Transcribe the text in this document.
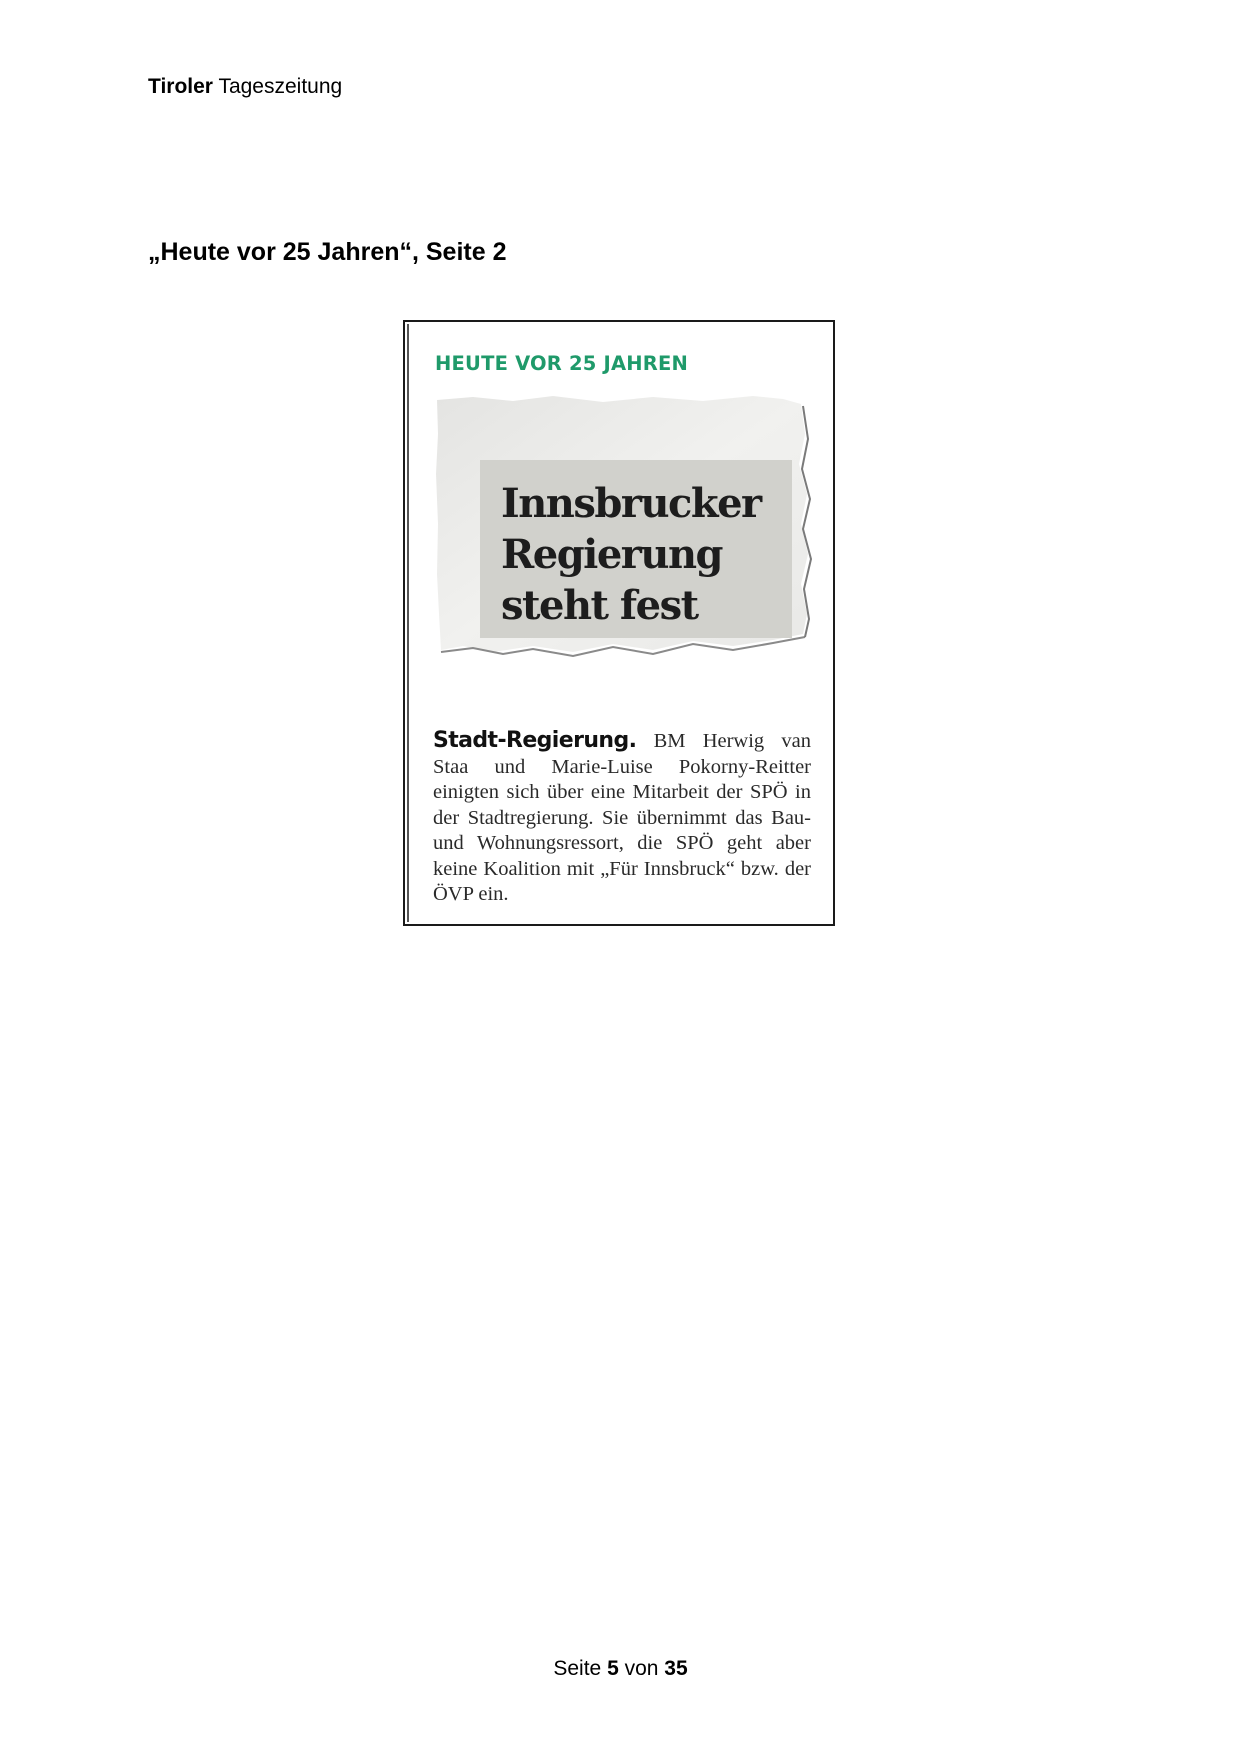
Tiroler Tageszeitung
„Heute vor 25 Jahren“, Seite 2
HEUTE VOR 25 JAHREN
Innsbrucker
Regierung
steht fest
Stadt-Regierung. BM Herwig van Staa und Marie-Luise Pokorny-Reitter einigten sich über eine Mitarbeit der SPÖ in der Stadtregierung. Sie übernimmt das Bau- und Wohnungsressort, die SPÖ geht aber keine Koalition mit „Für Innsbruck“ bzw. der ÖVP ein.
Seite 5 von 35
